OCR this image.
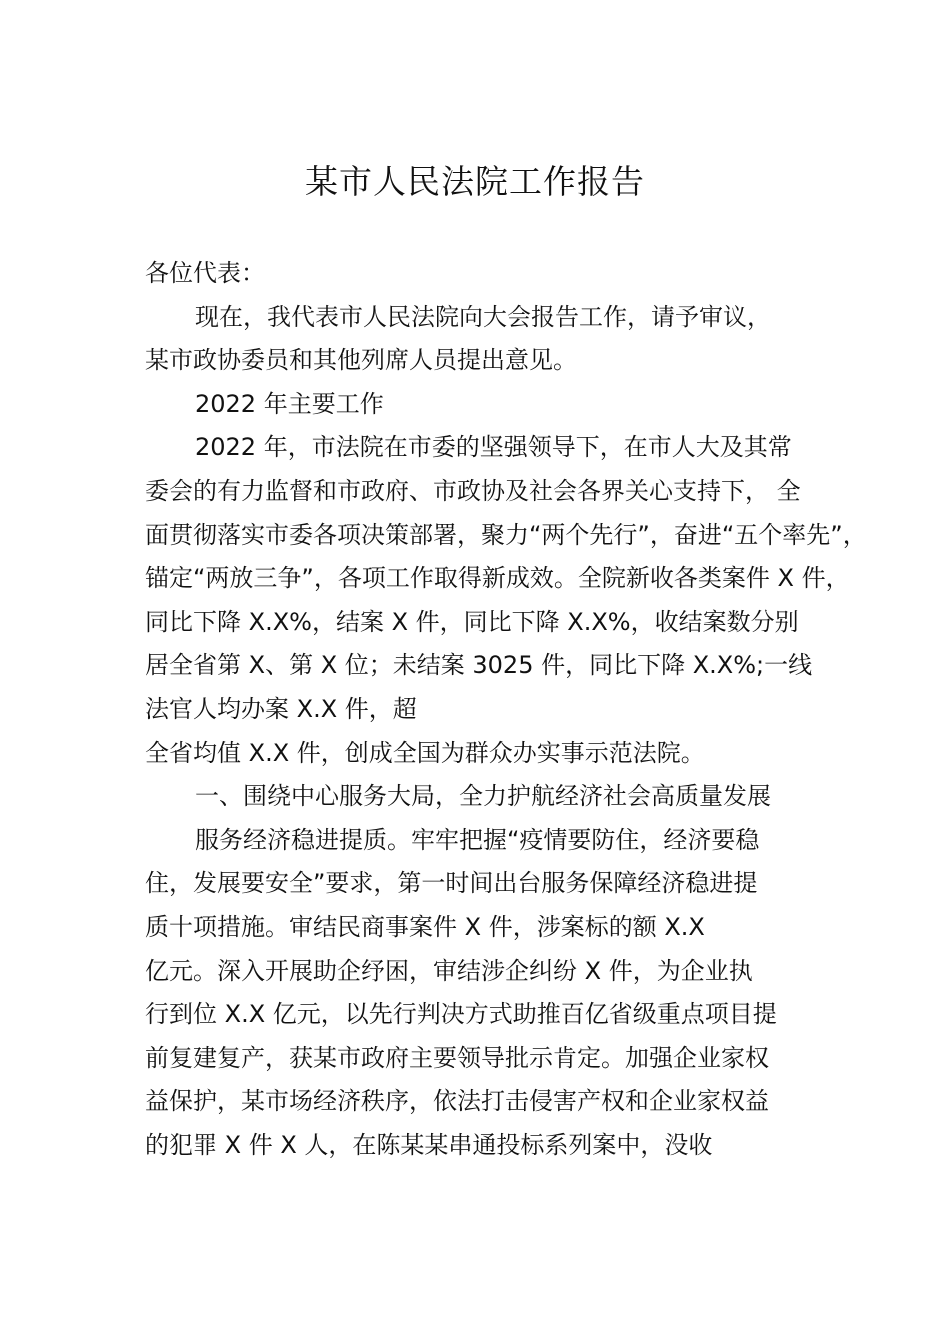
某市人民法院工作报告
各位代表：
现在，我代表市人民法院向大会报告工作，请予审议，
某市政协委员和其他列席人员提出意见。
2022 年主要工作
2022 年，市法院在市委的坚强领导下，在市人大及其常
委会的有力监督和市政府、市政协及社会各界关心支持下， 全
面贯彻落实市委各项决策部署，聚力“两个先行”，奋进“五个率先”，
锚定“两放三争”，各项工作取得新成效。全院新收各类案件 X 件，
同比下降 X.X%，结案 X 件，同比下降 X.X%，收结案数分别
居全省第 X、第 X 位；未结案 3025 件，同比下降 X.X%;一线
法官人均办案 X.X 件，超
全省均值 X.X 件，创成全国为群众办实事示范法院。
一、围绕中心服务大局，全力护航经济社会高质量发展
服务经济稳进提质。牢牢把握“疫情要防住，经济要稳
住，发展要安全”要求，第一时间出台服务保障经济稳进提
质十项措施。审结民商事案件 X 件，涉案标的额 X.X
亿元。深入开展助企纾困，审结涉企纠纷 X 件，为企业执
行到位 X.X 亿元，以先行判决方式助推百亿省级重点项目提
前复建复产，获某市政府主要领导批示肯定。加强企业家权
益保护，某市场经济秩序，依法打击侵害产权和企业家权益
的犯罪 X 件 X 人，在陈某某串通投标系列案中，没收
